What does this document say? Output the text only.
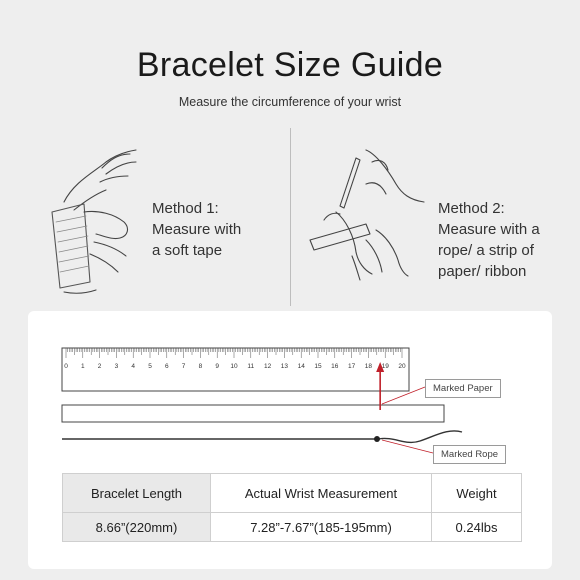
Bracelet Size Guide
Measure the circumference of your wrist
Method 1:
Measure with
a soft tape
Method 2:
Measure with a
rope/ a strip of
paper/ ribbon
0 1 2 3 4 5 6 7 8 9 10 11 12 13 14 15 16 17 18 19 20
Marked Paper
Marked Rope
Bracelet Length	Actual Wrist Measurement	Weight
8.66”(220mm)	7.28”-7.67”(185-195mm)	0.24lbs
